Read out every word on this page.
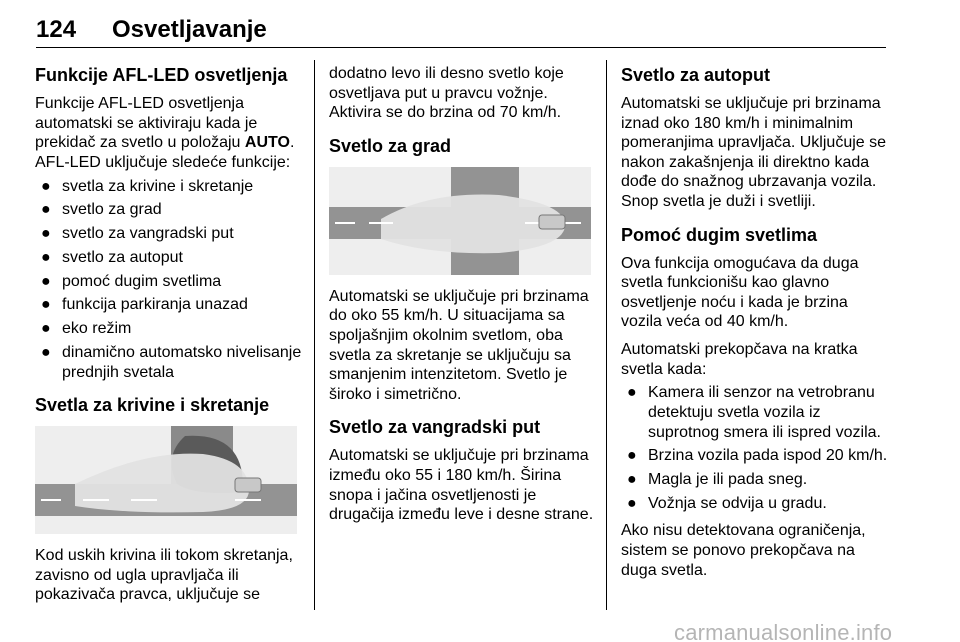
124 Osvetljavanje
Funkcije AFL-LED osvetljenja

Funkcije AFL-LED osvetljenja automatski se aktiviraju kada je prekidač za svetlo u položaju AUTO. AFL-LED uključuje sledeće funkcije:

● svetla za krivine i skretanje
● svetlo za grad
● svetlo za vangradski put
● svetlo za autoput
● pomoć dugim svetlima
● funkcija parkiranja unazad
● eko režim
● dinamično automatsko nivelisanje prednjih svetala
Svetla za krivine i skretanje

Kod uskih krivina ili tokom skretanja, zavisno od ugla upravljača ili pokazivača pravca, uključuje se

dodatno levo ili desno svetlo koje osvetljava put u pravcu vožnje. Aktivira se do brzina od 70 km/h.

Svetlo za grad

Automatski se uključuje pri brzinama do oko 55 km/h. U situacijama sa spoljašnjim okolnim svetlom, oba svetla za skretanje se uključuju sa smanjenim intenzitetom. Svetlo je široko i simetrično.

Svetlo za vangradski put

Automatski se uključuje pri brzinama između oko 55 i 180 km/h. Širina snopa i jačina osvetljenosti je drugačija između leve i desne strane.

Svetlo za autoput

Automatski se uključuje pri brzinama iznad oko 180 km/h i minimalnim pomeranjima upravljača. Uključuje se nakon zakašnjenja ili direktno kada dođe do snažnog ubrzavanja vozila. Snop svetla je duži i svetliji.

Pomoć dugim svetlima

Ova funkcija omogućava da duga svetla funkcionišu kao glavno osvetljenje noću i kada je brzina vozila veća od 40 km/h.

Automatski prekopčava na kratka svetla kada:

● Kamera ili senzor na vetrobranu detektuju svetla vozila iz suprotnog smera ili ispred vozila.
● Brzina vozila pada ispod 20 km/h.
● Magla je ili pada sneg.
● Vožnja se odvija u gradu.

Ako nisu detektovana ograničenja, sistem se ponovo prekopčava na duga svetla.

carmanualsonline.info
